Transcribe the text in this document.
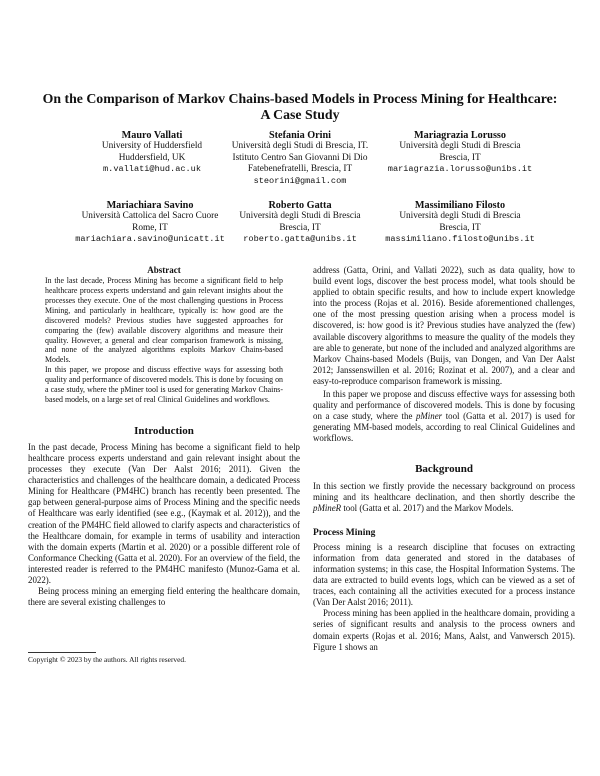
On the Comparison of Markov Chains-based Models in Process Mining for Healthcare: A Case Study
Mauro Vallati
University of Huddersfield
Huddersfield, UK
m.vallati@hud.ac.uk
Stefania Orini
Università degli Studi di Brescia, IT.
Istituto Centro San Giovanni Di Dio
Fatebenefratelli, Brescia, IT
steorini@gmail.com
Mariagrazia Lorusso
Università degli Studi di Brescia
Brescia, IT
mariagrazia.lorusso@unibs.it
Mariachiara Savino
Università Cattolica del Sacro Cuore
Rome, IT
mariachiara.savino@unicatt.it
Roberto Gatta
Università degli Studi di Brescia
Brescia, IT
roberto.gatta@unibs.it
Massimiliano Filosto
Università degli Studi di Brescia
Brescia, IT
massimiliano.filosto@unibs.it

Abstract

In the last decade, Process Mining has become a significant field to help healthcare process experts understand and gain relevant insights about the processes they execute. One of the most challenging questions in Process Mining, and particularly in healthcare, typically is: how good are the discovered models? Previous studies have suggested approaches for comparing the (few) available discovery algorithms and measure their quality. However, a general and clear comparison framework is missing, and none of the analyzed algorithms exploits Markov Chains-based Models.

In this paper, we propose and discuss effective ways for assessing both quality and performance of discovered models. This is done by focusing on a case study, where the pMiner tool is used for generating Markov Chains-based models, on a large set of real Clinical Guidelines and workflows.

Introduction

In the past decade, Process Mining has become a significant field to help healthcare process experts understand and gain relevant insight about the processes they execute (Van Der Aalst 2016; 2011). Given the characteristics and challenges of the healthcare domain, a dedicated Process Mining for Healthcare (PM4HC) branch has recently been presented. The gap between general-purpose aims of Process Mining and the specific needs of Healthcare was early identified (see e.g., (Kaymak et al. 2012)), and the creation of the PM4HC field allowed to clarify aspects and characteristics of the Healthcare domain, for example in terms of usability and interaction with the domain experts (Martin et al. 2020) or a possible different role of Conformance Checking (Gatta et al. 2020). For an overview of the field, the interested reader is referred to the PM4HC manifesto (Munoz-Gama et al. 2022).

Being process mining an emerging field entering the healthcare domain, there are several existing challenges to

address (Gatta, Orini, and Vallati 2022), such as data quality, how to build event logs, discover the best process model, what tools should be applied to obtain specific results, and how to include expert knowledge into the process (Rojas et al. 2016). Beside aforementioned challenges, one of the most pressing question arising when a process model is discovered, is: how good is it? Previous studies have analyzed the (few) available discovery algorithms to measure the quality of the models they are able to generate, but none of the included and analyzed algorithms are Markov Chains-based Models (Buijs, van Dongen, and Van Der Aalst 2012; Janssenswillen et al. 2016; Rozinat et al. 2007), and a clear and easy-to-reproduce comparison framework is missing.

In this paper we propose and discuss effective ways for assessing both quality and performance of discovered models. This is done by focusing on a case study, where the pMiner tool (Gatta et al. 2017) is used for generating MM-based models, according to real Clinical Guidelines and workflows.

Background

In this section we firstly provide the necessary background on process mining and its healthcare declination, and then shortly describe the pMineR tool (Gatta et al. 2017) and the Markov Models.

Process Mining

Process mining is a research discipline that focuses on extracting information from data generated and stored in the databases of information systems; in this case, the Hospital Information Systems. The data are extracted to build events logs, which can be viewed as a set of traces, each containing all the activities executed for a process instance (Van Der Aalst 2016; 2011).

Process mining has been applied in the healthcare domain, providing a series of significant results and analysis to the process owners and domain experts (Rojas et al. 2016; Mans, Aalst, and Vanwersch 2015). Figure 1 shows an

Copyright © 2023 by the authors. All rights reserved.
